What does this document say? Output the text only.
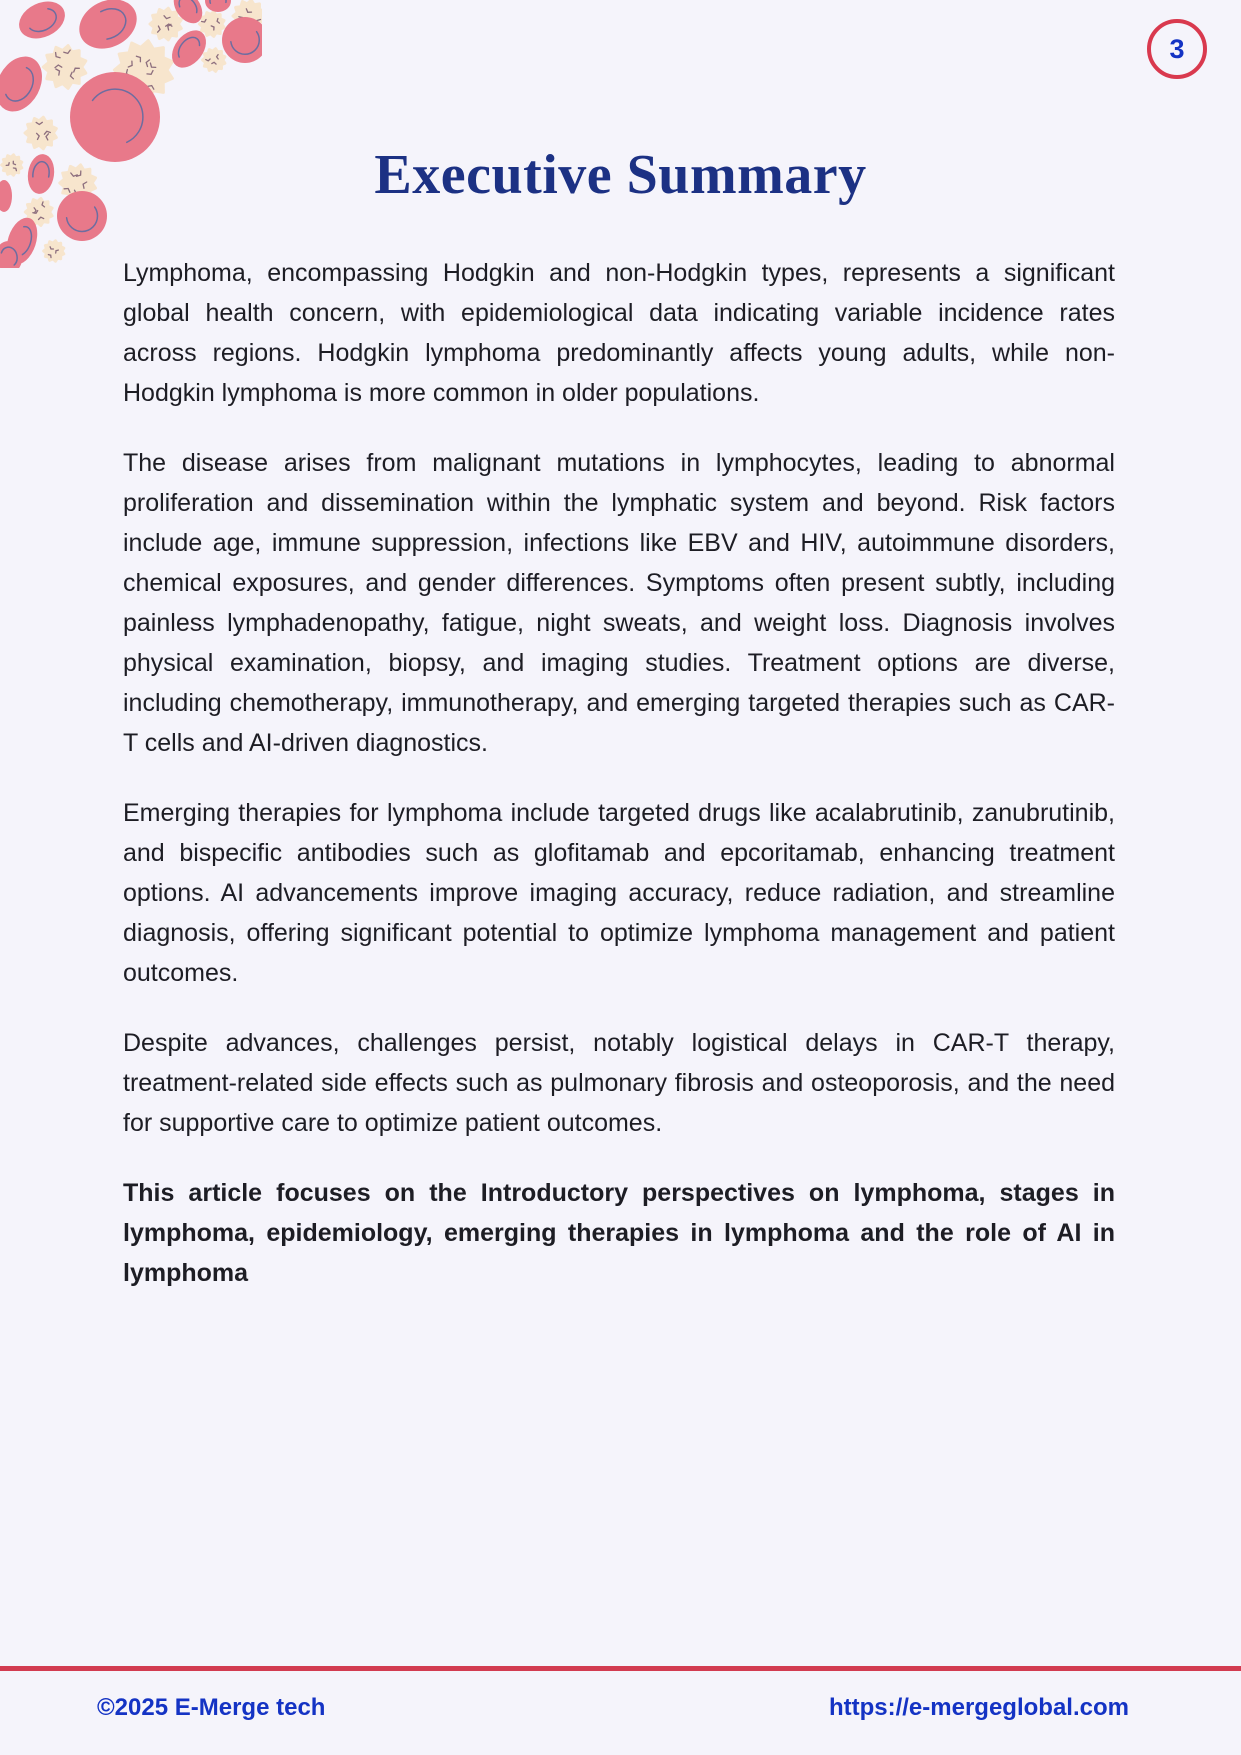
3
Executive Summary

Lymphoma, encompassing Hodgkin and non-Hodgkin types, represents a significant global health concern, with epidemiological data indicating variable incidence rates across regions. Hodgkin lymphoma predominantly affects young adults, while non-Hodgkin lymphoma is more common in older populations.

The disease arises from malignant mutations in lymphocytes, leading to abnormal proliferation and dissemination within the lymphatic system and beyond. Risk factors include age, immune suppression, infections like EBV and HIV, autoimmune disorders, chemical exposures, and gender differences. Symptoms often present subtly, including painless lymphadenopathy, fatigue, night sweats, and weight loss. Diagnosis involves physical examination, biopsy, and imaging studies. Treatment options are diverse, including chemotherapy, immunotherapy, and emerging targeted therapies such as CAR-T cells and AI-driven diagnostics.

Emerging therapies for lymphoma include targeted drugs like acalabrutinib, zanubrutinib, and bispecific antibodies such as glofitamab and epcoritamab, enhancing treatment options. AI advancements improve imaging accuracy, reduce radiation, and streamline diagnosis, offering significant potential to optimize lymphoma management and patient outcomes.

Despite advances, challenges persist, notably logistical delays in CAR-T therapy, treatment-related side effects such as pulmonary fibrosis and osteoporosis, and the need for supportive care to optimize patient outcomes.

This article focuses on the Introductory perspectives on lymphoma, stages in lymphoma, epidemiology, emerging therapies in lymphoma and the role of AI in lymphoma

©2025 E-Merge tech	https://e-mergeglobal.com
